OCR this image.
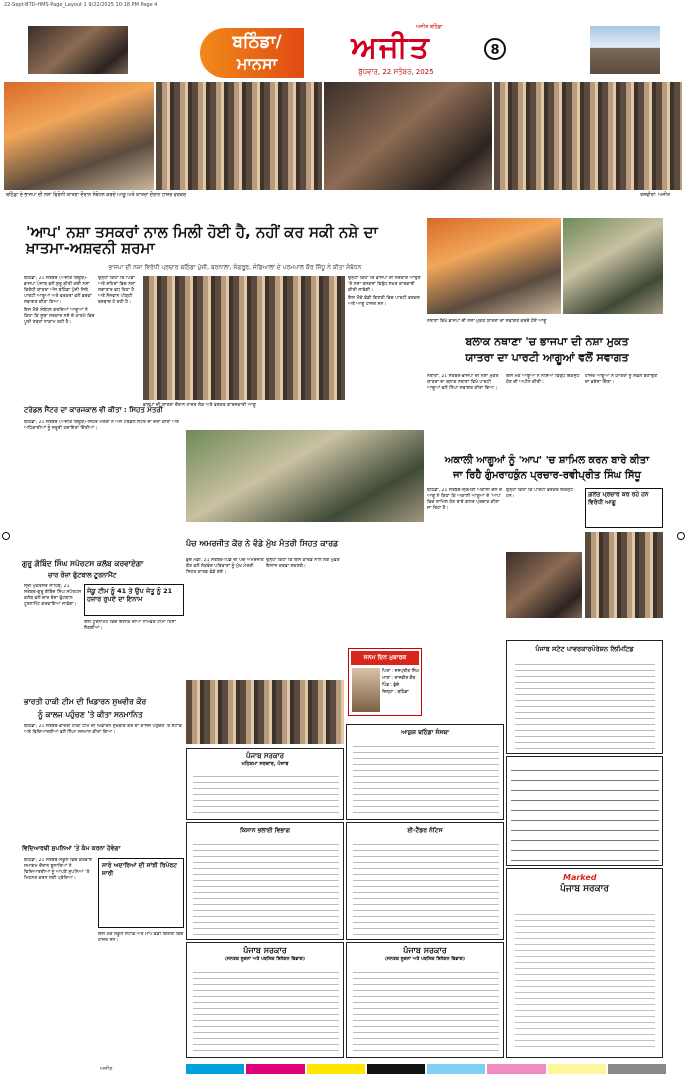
22-Sept-BTD-HMS-Page_Layout 1 9/22/2025 10:18 PM Page 4
ਬਠਿੰਡਾ/
ਮਾਨਸਾ
ਅਜੀਤ ਬਠਿੰਡਾ
ਅਜੀਤ
ਬੁੱਧਵਾਰ, 22 ਸਤੰਬਰ, 2025
8
ਬਠਿੰਡਾ ਦੇ ਭਾਜਪਾ ਦੀ ਨਸ਼ਾ ਵਿਰੋਧੀ ਯਾਤਰਾ ਦੌਰਾਨ ਸੰਬੋਧਨ ਕਰਦੇ ਆਗੂ ਅਤੇ ਯਾਤਰਾ ਦੌਰਾਨ ਹਾਜ਼ਰ ਵਰਕਰ	ਤਸਵੀਰਾਂ: ਅਜੀਤ
'ਆਪ' ਨਸ਼ਾ ਤਸਕਰਾਂ ਨਾਲ ਮਿਲੀ ਹੋਈ ਹੈ, ਨਹੀਂ ਕਰ ਸਕੀ ਨਸ਼ੇ ਦਾ ਖ਼ਾਤਮਾ-ਅਸ਼ਵਨੀ ਸ਼ਰਮਾ
ਭਾਜਪਾ ਦੀ ਨਸ਼ਾ ਵਿਰੋਧੀ ਪ੍ਰਚਾਰ ਬਠਿੰਡਾ ਪੁੱਜੀ, ਬਰਨਾਲਾ, ਸੰਗਰੂਰ, ਜੰਡਿਆਲਾ ਦੇ ਪਰਮਪਾਲ ਕੌਰ ਸਿੱਧੂ ਨੇ ਕੀਤਾ ਸੰਬੋਧਨ

ਬਠਿੰਡਾ, 21 ਸਤੰਬਰ (ਅਜੀਤ ਬਿਊਰੋ)-ਭਾਜਪਾ ਪੰਜਾਬ ਵਲੋਂ ਸ਼ੁਰੂ ਕੀਤੀ ਗਈ ਨਸ਼ਾ ਵਿਰੋਧੀ ਯਾਤਰਾ ਅੱਜ ਬਠਿੰਡਾ ਪੁੱਜੀ ਜਿਥੇ ਪਾਰਟੀ ਆਗੂਆਂ ਅਤੇ ਵਰਕਰਾਂ ਵਲੋਂ ਭਰਵਾਂ ਸਵਾਗਤ ਕੀਤਾ ਗਿਆ।

ਇਸ ਮੌਕੇ ਸੰਬੋਧਨ ਕਰਦਿਆਂ ਆਗੂਆਂ ਨੇ ਕਿਹਾ ਕਿ ਸੂਬਾ ਸਰਕਾਰ ਨਸ਼ੇ ਦੇ ਖ਼ਾਤਮੇ ਵਿਚ ਪੂਰੀ ਤਰ੍ਹਾਂ ਨਾਕਾਮ ਰਹੀ ਹੈ।

ਉਨ੍ਹਾਂ ਕਿਹਾ ਕਿ ਪਿੰਡਾਂ ਅਤੇ ਸ਼ਹਿਰਾਂ ਵਿਚ ਨਸ਼ਾ ਲਗਾਤਾਰ ਵਧ ਰਿਹਾ ਹੈ ਅਤੇ ਨੌਜਵਾਨ ਪੀੜ੍ਹੀ ਬਰਬਾਦ ਹੋ ਰਹੀ ਹੈ।

ਭਾਜਪਾ ਦੀ ਯਾਤਰਾ ਦੌਰਾਨ ਹਾਜ਼ਰ ਲੋਕ ਅਤੇ ਵਰਕਰ ਕਾਰਜਕਾਰੀ ਆਗੂ

ਉਨ੍ਹਾਂ ਕਿਹਾ ਕਿ ਭਾਜਪਾ ਦੀ ਸਰਕਾਰ ਆਉਣ 'ਤੇ ਨਸ਼ਾ ਤਸਕਰਾਂ ਵਿਰੁੱਧ ਸਖ਼ਤ ਕਾਰਵਾਈ ਕੀਤੀ ਜਾਵੇਗੀ।

ਇਸ ਮੌਕੇ ਵੱਡੀ ਗਿਣਤੀ ਵਿਚ ਪਾਰਟੀ ਵਰਕਰ ਅਤੇ ਆਗੂ ਹਾਜ਼ਰ ਸਨ।

ਟਰੇਡਲ ਸੈਂਟਰ ਦਾ ਕਾਰਜਕਾਲ ਵੀ ਕੀਤਾ : ਸਿਹਤ ਮੰਤਰੀ

ਬਠਿੰਡਾ, 21 ਸਤੰਬਰ (ਅਜੀਤ ਬਿਊਰੋ)-ਸਿਹਤ ਮੰਤਰੀ ਨੇ ਅੱਜ ਟਰੇਡਲ ਸੈਂਟਰ ਦਾ ਦੌਰਾ ਕੀਤਾ ਅਤੇ ਅਧਿਕਾਰੀਆਂ ਨੂੰ ਜ਼ਰੂਰੀ ਹਦਾਇਤਾਂ ਦਿੱਤੀਆਂ।

ਗੁਰੂ ਗੋਬਿੰਦ ਸਿੰਘ ਸਪੋਰਟਸ ਕਲੱਬ ਕਰਵਾਏਗਾ
ਚਾਰ ਰੋਜ਼ਾ ਫੁੱਟਬਾਲ ਟੂਰਨਾਮੈਂਟ

ਸ੍ਰੀ ਮੁਕਤਸਰ ਸਾਹਿਬ, 21 ਸਤੰਬਰ-ਗੁਰੂ ਗੋਬਿੰਦ ਸਿੰਘ ਸਪੋਰਟਸ ਕਲੱਬ ਵਲੋਂ ਚਾਰ ਰੋਜ਼ਾ ਫੁੱਟਬਾਲ ਟੂਰਨਾਮੈਂਟ ਕਰਵਾਇਆ ਜਾਵੇਗਾ।

ਜੇਕੂ ਟੀਮ ਨੂੰ 41 ਤੇ ਉਪ ਜੇਤੂ ਨੂੰ 21 ਹਜ਼ਾਰ ਰੁਪਏ ਦਾ ਇਨਾਮ

ਇਸ ਟੂਰਨਾਮੈਂਟ ਵਿਚ ਇਲਾਕੇ ਦੀਆਂ ਨਾਮਵਰ ਟੀਮਾਂ ਹਿੱਸਾ ਲੈਣਗੀਆਂ।

ਭਾਰਤੀ ਹਾਕੀ ਟੀਮ ਦੀ ਖਿਡਾਰਨ ਸੁਖਵੀਰ ਕੌਰ
ਨੂੰ ਕਾਲਜ ਪਹੁੰਚਣ 'ਤੇ ਕੀਤਾ ਸਨਮਾਨਿਤ

ਬਠਿੰਡਾ, 21 ਸਤੰਬਰ-ਭਾਰਤੀ ਹਾਕੀ ਟੀਮ ਦੀ ਖਿਡਾਰਨ ਸੁਖਵੀਰ ਕੌਰ ਦਾ ਕਾਲਜ ਪਹੁੰਚਣ 'ਤੇ ਸਟਾਫ਼ ਅਤੇ ਵਿਦਿਆਰਥੀਆਂ ਵਲੋਂ ਨਿੱਘਾ ਸਨਮਾਨ ਕੀਤਾ ਗਿਆ।

ਵਿਦਿਆਰਥੀ ਸੁਪਨਿਆਂ 'ਤੇ ਕੰਮ ਕਰਨਾ ਹੋਵੇਗਾ

ਬਠਿੰਡਾ, 21 ਸਤੰਬਰ-ਸਕੂਲ ਵਿਚ ਕਰਵਾਏ ਸਮਾਗਮ ਦੌਰਾਨ ਬੁਲਾਰਿਆਂ ਨੇ ਵਿਦਿਆਰਥੀਆਂ ਨੂੰ ਆਪਣੇ ਸੁਪਨਿਆਂ 'ਤੇ ਮਿਹਨਤ ਕਰਨ ਲਈ ਪ੍ਰੇਰਿਆ।

ਸਾਰੇ ਅਦਾਰਿਆਂ ਦੀ ਸਾਂਝੀ ਰਿਪੋਰਟ ਜਾਰੀ

ਇਸ ਮੌਕੇ ਸਕੂਲ ਸਟਾਫ਼ ਅਤੇ ਮਾਪੇ ਵੱਡੀ ਗਿਣਤੀ ਵਿਚ ਹਾਜ਼ਰ ਸਨ।

ਪੰਚ ਅਮਰਜੀਤ ਕੌਰ ਨੇ ਵੰਡੇ ਮੁੱਖ ਮੰਤਰੀ ਸਿਹਤ ਕਾਰਡ

ਭੁੱਚੋ ਮੰਡੀ, 21 ਸਤੰਬਰ-ਪਿੰਡ ਦੀ ਪੰਚ ਅਮਰਜੀਤ ਕੌਰ ਵਲੋਂ ਲੋੜਵੰਦ ਪਰਿਵਾਰਾਂ ਨੂੰ ਮੁੱਖ ਮੰਤਰੀ ਸਿਹਤ ਕਾਰਡ ਵੰਡੇ ਗਏ।

ਉਨ੍ਹਾਂ ਕਿਹਾ ਕਿ ਇਸ ਕਾਰਡ ਨਾਲ ਲੋਕ ਮੁਫ਼ਤ ਇਲਾਜ ਕਰਵਾ ਸਕਣਗੇ।

ਜਨਮ ਦਿਨ ਮੁਬਾਰਕ
ਪਿਤਾ : ਜਸਪ੍ਰੀਤ ਸਿੰਘ
ਮਾਤਾ : ਰਾਜਵੀਰ ਕੌਰ
ਪਿੰਡ : ਭੁੱਚੋ
ਜ਼ਿਲ੍ਹਾ : ਬਠਿੰਡਾ
ਨਥਾਣਾ ਵਿਖੇ ਭਾਜਪਾ ਦੀ ਨਸ਼ਾ ਮੁਕਤ ਯਾਤਰਾ ਦਾ ਸਵਾਗਤ ਕਰਦੇ ਹੋਏ ਆਗੂ
ਬਲਾਕ ਨਥਾਣਾ 'ਚ ਭਾਜਪਾ ਦੀ ਨਸ਼ਾ ਮੁਕਤ
ਯਾਤਰਾ ਦਾ ਪਾਰਟੀ ਆਗੂਆਂ ਵਲੋਂ ਸਵਾਗਤ

ਨਥਾਣਾ, 21 ਸਤੰਬਰ-ਭਾਜਪਾ ਦੀ ਨਸ਼ਾ ਮੁਕਤ ਯਾਤਰਾ ਦਾ ਬਲਾਕ ਨਥਾਣਾ ਵਿਖੇ ਪਾਰਟੀ ਆਗੂਆਂ ਵਲੋਂ ਨਿੱਘਾ ਸਵਾਗਤ ਕੀਤਾ ਗਿਆ।

ਇਸ ਮੌਕੇ ਆਗੂਆਂ ਨੇ ਨਸ਼ਿਆਂ ਵਿਰੁੱਧ ਇਕਜੁੱਟ ਹੋਣ ਦੀ ਅਪੀਲ ਕੀਤੀ।

ਹਾਜ਼ਰ ਆਗੂਆਂ ਨੇ ਯਾਤਰਾ ਨੂੰ ਸਫ਼ਲ ਬਣਾਉਣ ਦਾ ਭਰੋਸਾ ਦਿੱਤਾ।

ਅਕਾਲੀ ਆਗੂਆਂ ਨੂੰ 'ਆਪ' 'ਚ ਸ਼ਾਮਿਲ ਕਰਨ ਬਾਰੇ ਕੀਤਾ
ਜਾ ਰਿਹੈ ਗੁੰਮਰਾਹਕੁੰਨ ਪ੍ਰਚਾਰ-ਰਵੀਪ੍ਰੀਤ ਸਿੰਘ ਸਿੱਧੂ

ਬਠਿੰਡਾ, 21 ਸਤੰਬਰ-ਸ਼੍ਰੋਮਣੀ ਅਕਾਲੀ ਦਲ ਦੇ ਆਗੂ ਨੇ ਕਿਹਾ ਕਿ ਅਕਾਲੀ ਆਗੂਆਂ ਦੇ 'ਆਪ' ਵਿਚ ਸ਼ਾਮਿਲ ਹੋਣ ਬਾਰੇ ਗ਼ਲਤ ਪ੍ਰਚਾਰ ਕੀਤਾ ਜਾ ਰਿਹਾ ਹੈ।

ਉਨ੍ਹਾਂ ਕਿਹਾ ਕਿ ਪਾਰਟੀ ਵਰਕਰ ਇਕਜੁੱਟ ਹਨ।	ਗ਼ਲਤ ਪ੍ਰਚਾਰ ਕਰ ਰਹੇ ਹਨ ਵਿਰੋਧੀ ਆਗੂ
ਪੰਜਾਬ ਸਟੇਟ ਪਾਵਰਕਾਰਪੋਰੇਸ਼ਨ ਲਿਮਿਟਿਡ
Marked
ਪੰਜਾਬ ਸਰਕਾਰ
ਪੰਜਾਬ ਸਰਕਾਰ
ਮਹਿਕਮਾ ਸਰਕਾਰ, ਪੰਜਾਬ
ਆਯੁਸ਼ ਬਠਿੰਡਾ ਸੰਸਥਾ
ਕਿਸਾਨ ਭਲਾਈ ਵਿਭਾਗ	ਈ-ਟੈਂਡਰ ਨੋਟਿਸ
ਪੰਜਾਬ ਸਰਕਾਰ
(ਜਨਤਕ ਸੂਚਨਾ ਅਤੇ ਪਬਲਿਕ ਰਿਲੇਸ਼ਨ ਵਿਭਾਗ)
ਪੰਜਾਬ ਸਰਕਾਰ
(ਜਨਤਕ ਸੂਚਨਾ ਅਤੇ ਪਬਲਿਕ ਰਿਲੇਸ਼ਨ ਵਿਭਾਗ)
ਅਜੀਤ
